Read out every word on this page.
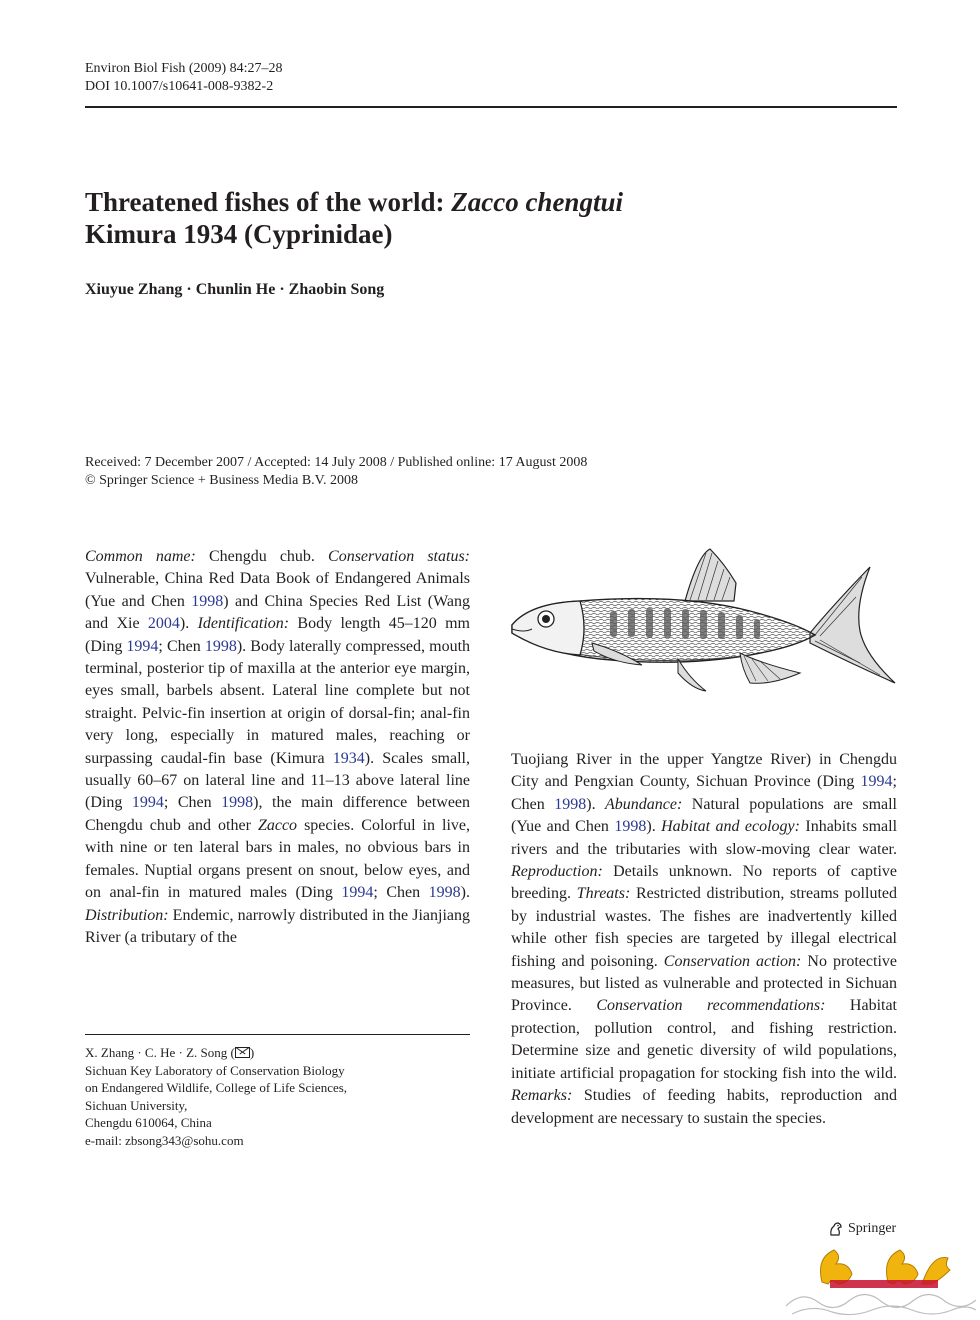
Environ Biol Fish (2009) 84:27–28
DOI 10.1007/s10641-008-9382-2
Threatened fishes of the world: Zacco chengtui
Kimura 1934 (Cyprinidae)
Xiuyue Zhang · Chunlin He · Zhaobin Song
Received: 7 December 2007 / Accepted: 14 July 2008 / Published online: 17 August 2008
© Springer Science + Business Media B.V. 2008
Common name: Chengdu chub. Conservation status: Vulnerable, China Red Data Book of Endangered Animals (Yue and Chen 1998) and China Species Red List (Wang and Xie 2004). Identification: Body length 45–120 mm (Ding 1994; Chen 1998). Body laterally compressed, mouth terminal, posterior tip of maxilla at the anterior eye margin, eyes small, barbels absent. Lateral line complete but not straight. Pelvic-fin insertion at origin of dorsal-fin; anal-fin very long, especially in matured males, reaching or surpassing caudal-fin base (Kimura 1934). Scales small, usually 60–67 on lateral line and 11–13 above lateral line (Ding 1994; Chen 1998), the main difference between Chengdu chub and other Zacco species. Colorful in live, with nine or ten lateral bars in males, no obvious bars in females. Nuptial organs present on snout, below eyes, and on anal-fin in matured males (Ding 1994; Chen 1998). Distribution: Endemic, narrowly distributed in the Jianjiang River (a tributary of the
Tuojiang River in the upper Yangtze River) in Chengdu City and Pengxian County, Sichuan Province (Ding 1994; Chen 1998). Abundance: Natural populations are small (Yue and Chen 1998). Habitat and ecology: Inhabits small rivers and the tributaries with slow-moving clear water. Reproduction: Details unknown. No reports of captive breeding. Threats: Restricted distribution, streams polluted by industrial wastes. The fishes are inadvertently killed while other fish species are targeted by illegal electrical fishing and poisoning. Conservation action: No protective measures, but listed as vulnerable and protected in Sichuan Province. Conservation recommendations: Habitat protection, pollution control, and fishing restriction. Determine size and genetic diversity of wild populations, initiate artificial propagation for stocking fish into the wild. Remarks: Studies of feeding habits, reproduction and development are necessary to sustain the species.
X. Zhang · C. He · Z. Song ( )
Sichuan Key Laboratory of Conservation Biology
on Endangered Wildlife, College of Life Sciences,
Sichuan University,
Chengdu 610064, China
e-mail: zbsong343@sohu.com
Springer
